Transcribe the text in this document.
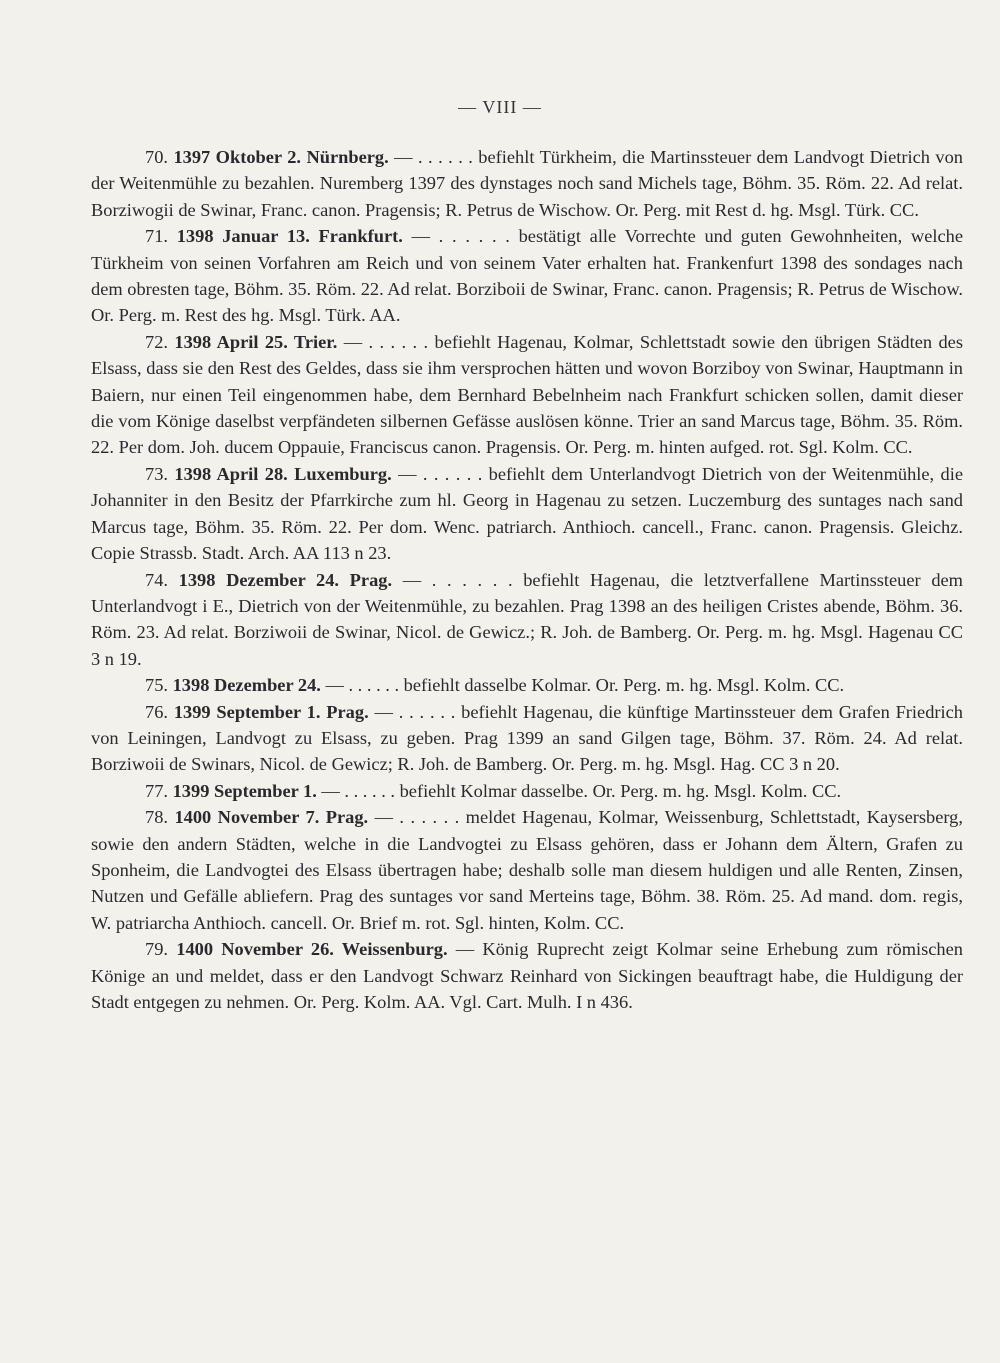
— VIII —

70. 1397 Oktober 2. Nürnberg. — . . . . . . befiehlt Türkheim, die Martinssteuer dem Landvogt Dietrich von der Weitenmühle zu bezahlen. Nuremberg 1397 des dynstages noch sand Michels tage, Böhm. 35. Röm. 22. Ad relat. Borziwogii de Swinar, Franc. canon. Pragensis; R. Petrus de Wischow. Or. Perg. mit Rest d. hg. Msgl. Türk. CC.

71. 1398 Januar 13. Frankfurt. — . . . . . . bestätigt alle Vorrechte und guten Gewohnheiten, welche Türkheim von seinen Vorfahren am Reich und von seinem Vater erhalten hat. Frankenfurt 1398 des sondages nach dem obresten tage, Böhm. 35. Röm. 22. Ad relat. Borziboii de Swinar, Franc. canon. Pragensis; R. Petrus de Wischow. Or. Perg. m. Rest des hg. Msgl. Türk. AA.

72. 1398 April 25. Trier. — . . . . . . befiehlt Hagenau, Kolmar, Schlettstadt sowie den übrigen Städten des Elsass, dass sie den Rest des Geldes, dass sie ihm versprochen hätten und wovon Borziboy von Swinar, Hauptmann in Baiern, nur einen Teil eingenommen habe, dem Bernhard Bebelnheim nach Frankfurt schicken sollen, damit dieser die vom Könige daselbst verpfändeten silbernen Gefässe auslösen könne. Trier an sand Marcus tage, Böhm. 35. Röm. 22. Per dom. Joh. ducem Oppauie, Franciscus canon. Pragensis. Or. Perg. m. hinten aufged. rot. Sgl. Kolm. CC.

73. 1398 April 28. Luxemburg. — . . . . . . befiehlt dem Unterlandvogt Dietrich von der Weitenmühle, die Johanniter in den Besitz der Pfarrkirche zum hl. Georg in Hagenau zu setzen. Luczemburg des suntages nach sand Marcus tage, Böhm. 35. Röm. 22. Per dom. Wenc. patriarch. Anthioch. cancell., Franc. canon. Pragensis. Gleichz. Copie Strassb. Stadt. Arch. AA 113 n 23.

74. 1398 Dezember 24. Prag. — . . . . . . befiehlt Hagenau, die letztverfallene Martinssteuer dem Unterlandvogt i E., Dietrich von der Weitenmühle, zu bezahlen. Prag 1398 an des heiligen Cristes abende, Böhm. 36. Röm. 23. Ad relat. Borziwoii de Swinar, Nicol. de Gewicz.; R. Joh. de Bamberg. Or. Perg. m. hg. Msgl. Hagenau CC 3 n 19.

75. 1398 Dezember 24. — . . . . . . befiehlt dasselbe Kolmar. Or. Perg. m. hg. Msgl. Kolm. CC.

76. 1399 September 1. Prag. — . . . . . . befiehlt Hagenau, die künftige Martinssteuer dem Grafen Friedrich von Leiningen, Landvogt zu Elsass, zu geben. Prag 1399 an sand Gilgen tage, Böhm. 37. Röm. 24. Ad relat. Borziwoii de Swinars, Nicol. de Gewicz; R. Joh. de Bamberg. Or. Perg. m. hg. Msgl. Hag. CC 3 n 20.

77. 1399 September 1. — . . . . . . befiehlt Kolmar dasselbe. Or. Perg. m. hg. Msgl. Kolm. CC.

78. 1400 November 7. Prag. — . . . . . . meldet Hagenau, Kolmar, Weissenburg, Schlettstadt, Kaysersberg, sowie den andern Städten, welche in die Landvogtei zu Elsass gehören, dass er Johann dem Ältern, Grafen zu Sponheim, die Landvogtei des Elsass übertragen habe; deshalb solle man diesem huldigen und alle Renten, Zinsen, Nutzen und Gefälle abliefern. Prag des suntages vor sand Merteins tage, Böhm. 38. Röm. 25. Ad mand. dom. regis, W. patriarcha Anthioch. cancell. Or. Brief m. rot. Sgl. hinten, Kolm. CC.

79. 1400 November 26. Weissenburg. — König Ruprecht zeigt Kolmar seine Erhebung zum römischen Könige an und meldet, dass er den Landvogt Schwarz Reinhard von Sickingen beauftragt habe, die Huldigung der Stadt entgegen zu nehmen. Or. Perg. Kolm. AA. Vgl. Cart. Mulh. I n 436.
